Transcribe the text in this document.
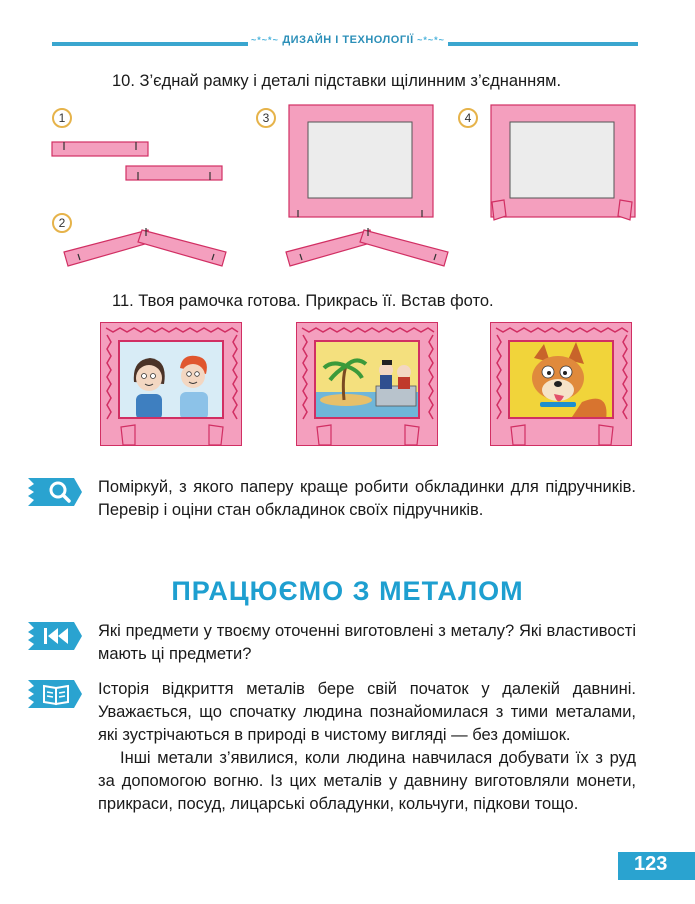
~*~*~ ДИЗАЙН І ТЕХНОЛОГІЇ ~*~*~
10. З’єднай рамку і деталі підставки щілинним з’єднанням.
1
2
3	4
11. Твоя рамочка готова. Прикрась її. Встав фото.
Поміркуй, з якого паперу краще робити обкладинки для підручників. Перевір і оціни стан обкладинок своїх підручників.
ПРАЦЮЄМО З МЕТАЛОМ
Які предмети у твоєму оточенні виготовлені з металу? Які властивості мають ці предмети?
Історія відкриття металів бере свій початок у далекій давнині. Уважається, що спочатку людина познайомилася з тими металами, які зустрічаються в природі в чистому вигляді — без домішок.
Інші метали з’явилися, коли людина навчилася добувати їх з руд за допомогою вогню. Із цих металів у давнину виготовляли монети, прикраси, посуд, лицарські обладунки, кольчуги, підкови тощо.
123
